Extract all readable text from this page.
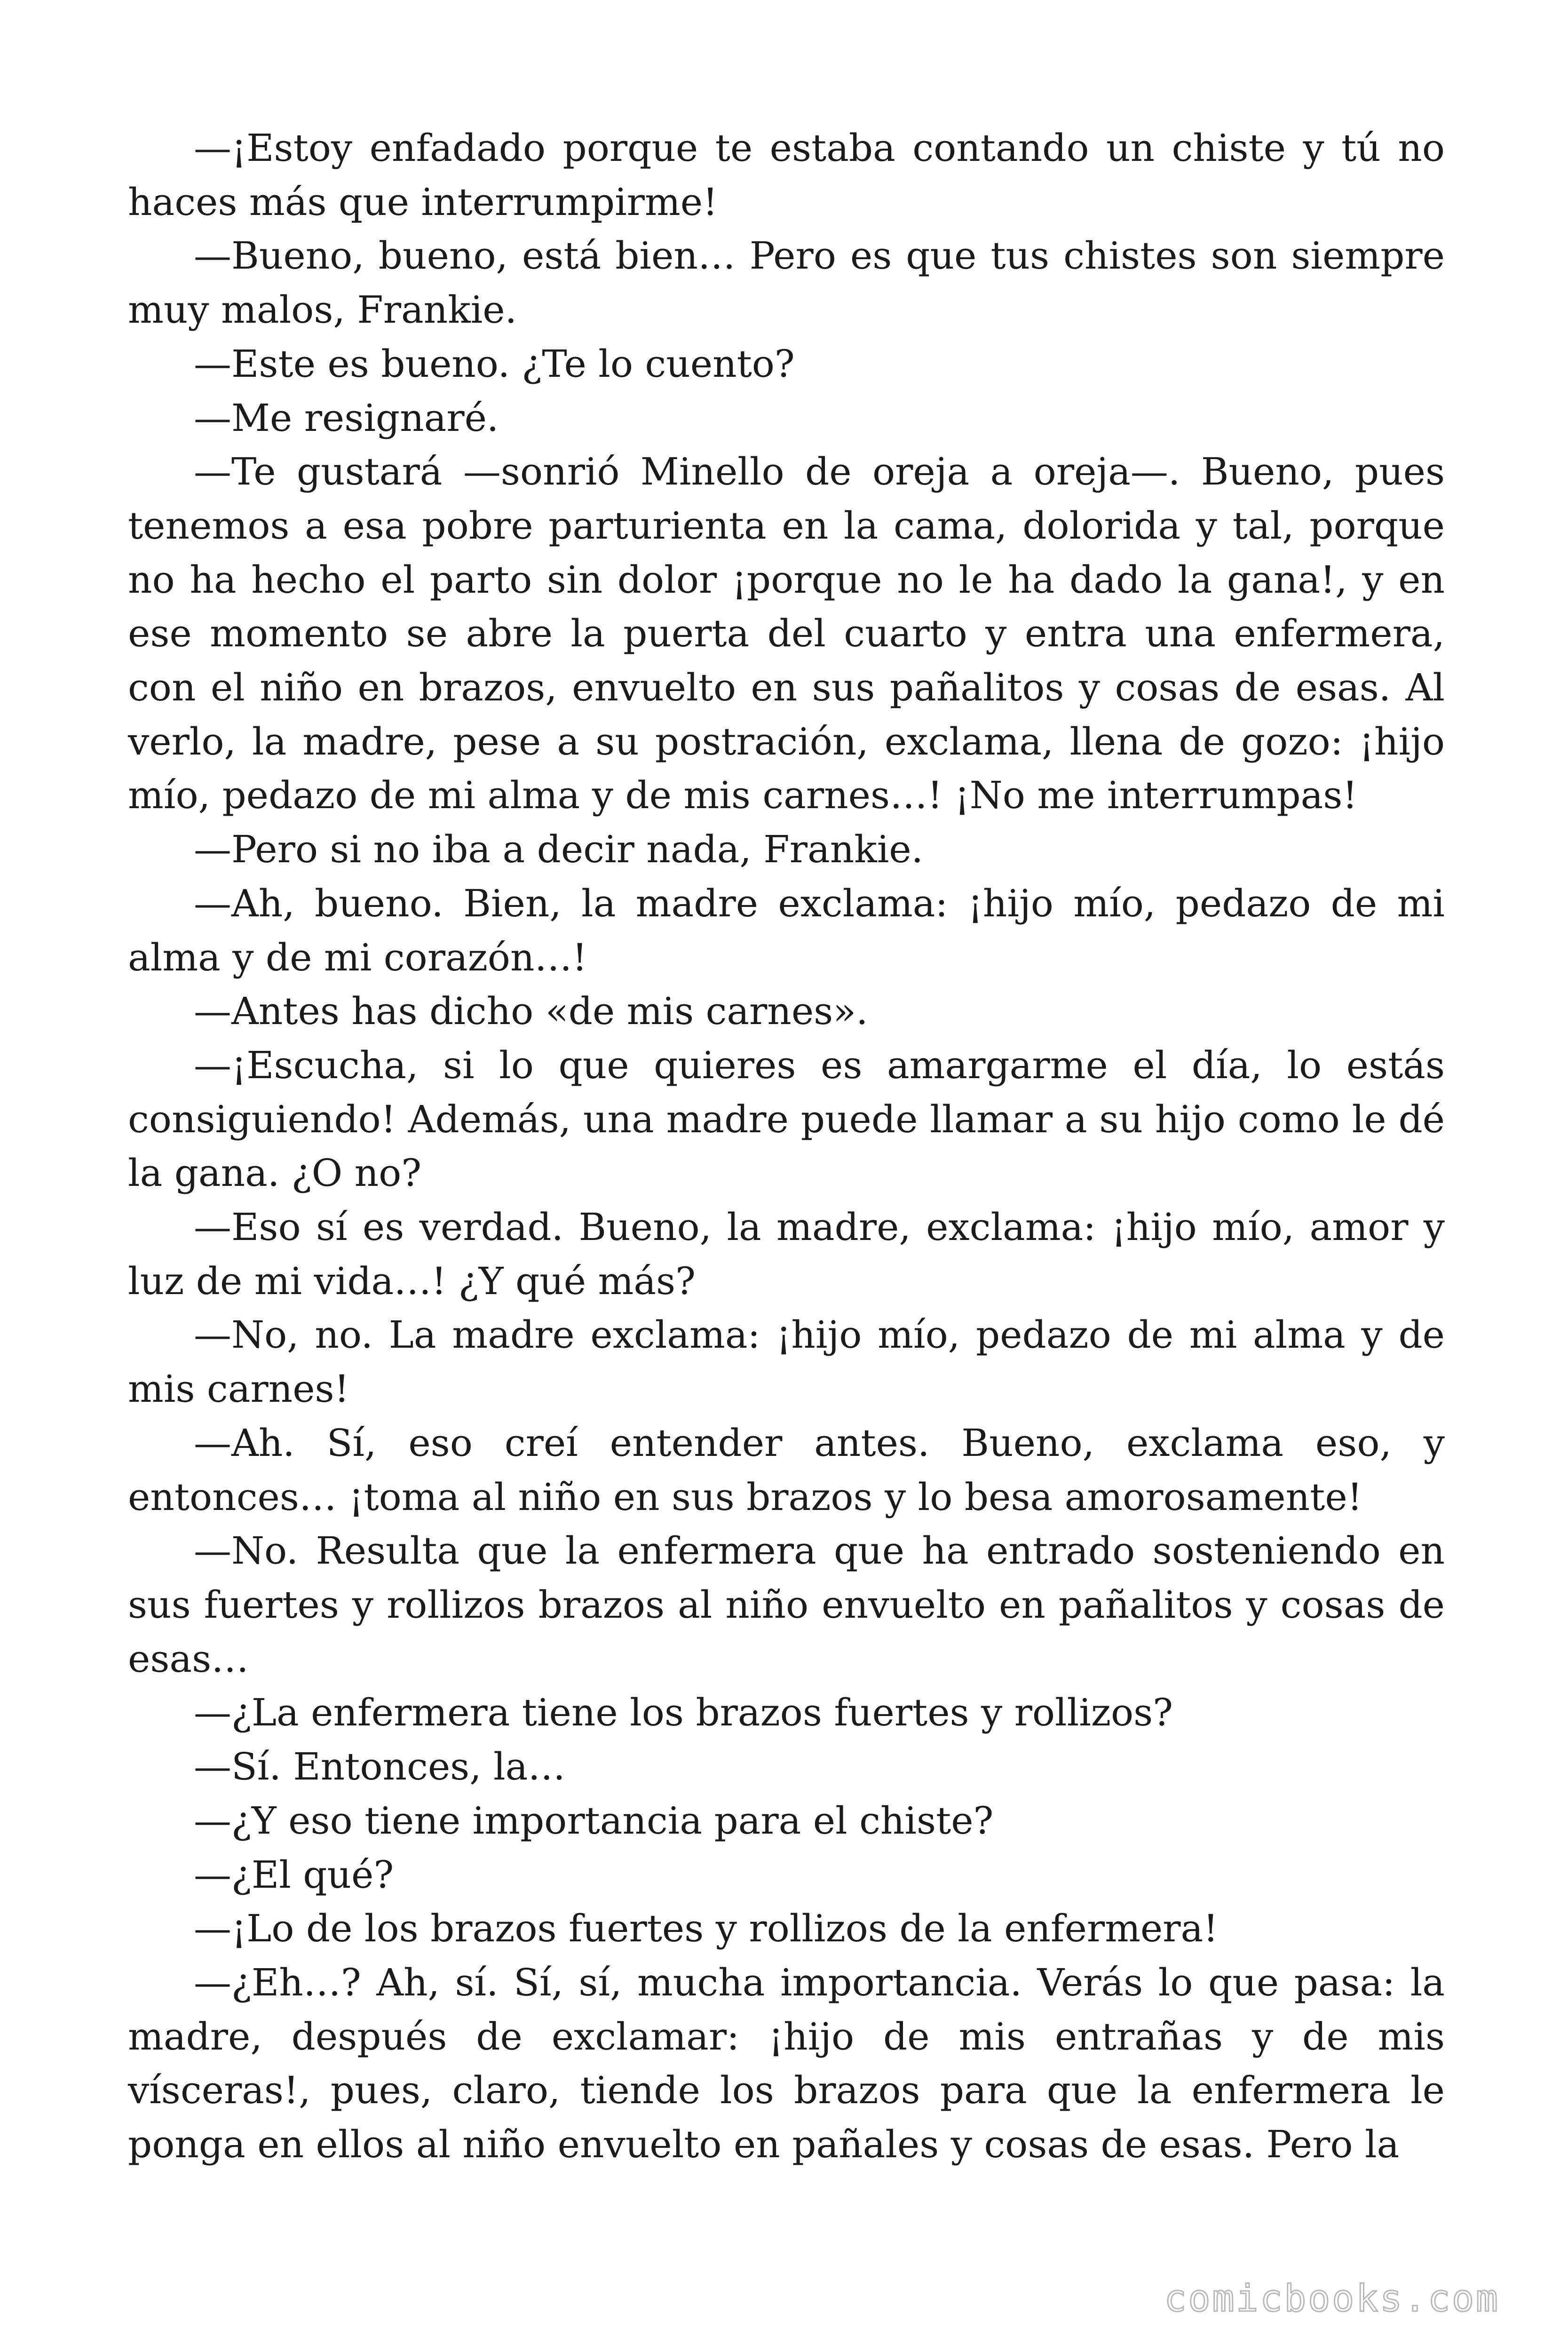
—¡Estoy enfadado porque te estaba contando un chiste y tú no haces más que interrumpirme!

—Bueno, bueno, está bien… Pero es que tus chistes son siempre muy malos, Frankie.

—Este es bueno. ¿Te lo cuento?

—Me resignaré.

—Te gustará —sonrió Minello de oreja a oreja—. Bueno, pues tenemos a esa pobre parturienta en la cama, dolorida y tal, porque no ha hecho el parto sin dolor ¡porque no le ha dado la gana!, y en ese momento se abre la puerta del cuarto y entra una enfermera, con el niño en brazos, envuelto en sus pañalitos y cosas de esas. Al verlo, la madre, pese a su postración, exclama, llena de gozo: ¡hijo mío, pedazo de mi alma y de mis carnes…! ¡No me interrumpas!

—Pero si no iba a decir nada, Frankie.

—Ah, bueno. Bien, la madre exclama: ¡hijo mío, pedazo de mi alma y de mi corazón…!

—Antes has dicho «de mis carnes».

—¡Escucha, si lo que quieres es amargarme el día, lo estás consiguiendo! Además, una madre puede llamar a su hijo como le dé la gana. ¿O no?

—Eso sí es verdad. Bueno, la madre, exclama: ¡hijo mío, amor y luz de mi vida…! ¿Y qué más?

—No, no. La madre exclama: ¡hijo mío, pedazo de mi alma y de mis carnes!

—Ah. Sí, eso creí entender antes. Bueno, exclama eso, y entonces… ¡toma al niño en sus brazos y lo besa amorosamente!

—No. Resulta que la enfermera que ha entrado sosteniendo en sus fuertes y rollizos brazos al niño envuelto en pañalitos y cosas de esas…

—¿La enfermera tiene los brazos fuertes y rollizos?

—Sí. Entonces, la…

—¿Y eso tiene importancia para el chiste?

—¿El qué?

—¡Lo de los brazos fuertes y rollizos de la enfermera!

—¿Eh…? Ah, sí. Sí, sí, mucha importancia. Verás lo que pasa: la madre, después de exclamar: ¡hijo de mis entrañas y de mis vísceras!, pues, claro, tiende los brazos para que la enfermera le ponga en ellos al niño envuelto en pañales y cosas de esas. Pero la

comicbooks.com
